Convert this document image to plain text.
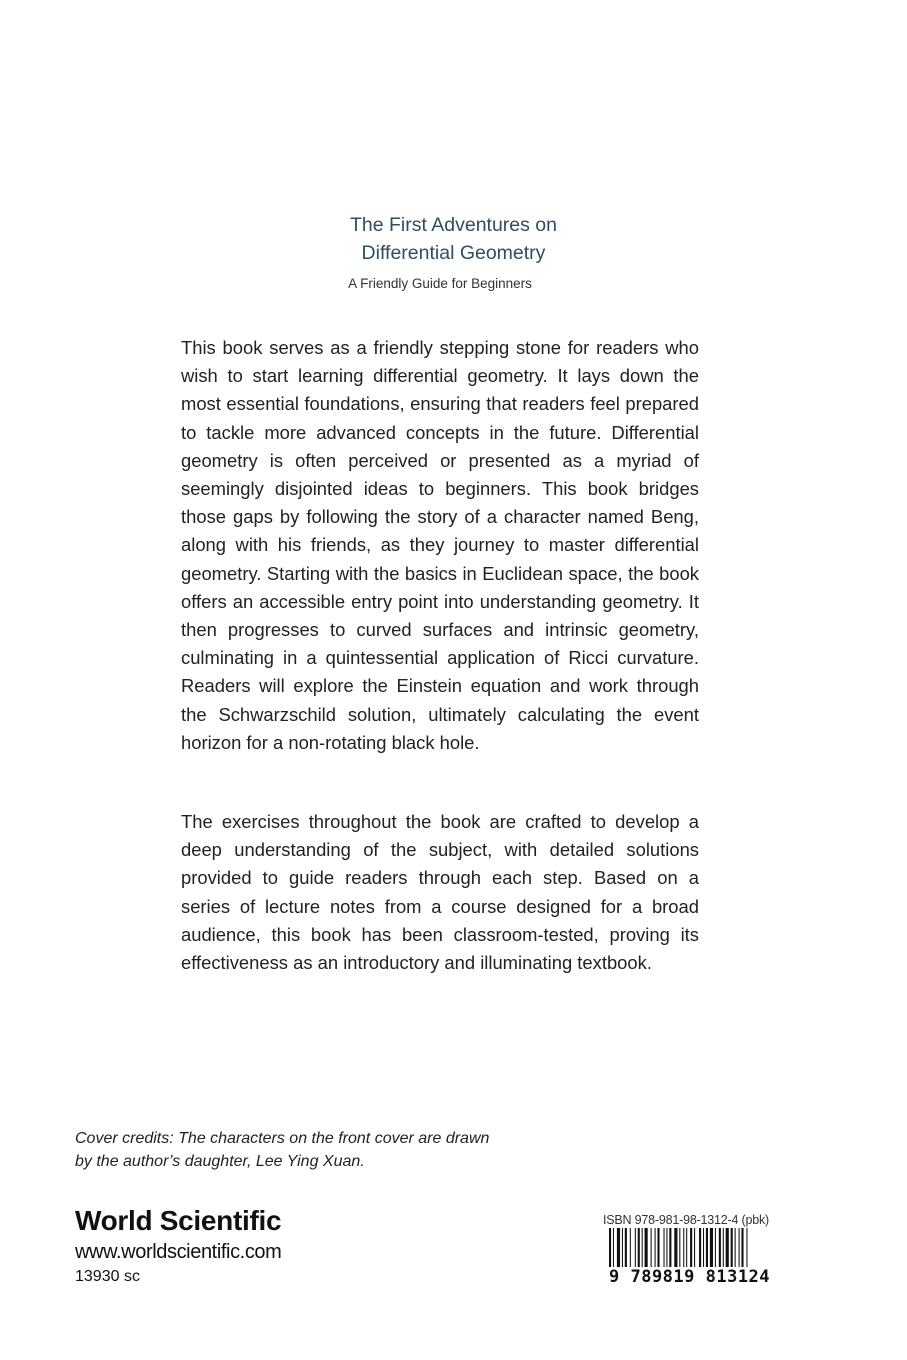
The First Adventures on
Differential Geometry
A Friendly Guide for Beginners

This book serves as a friendly stepping stone for readers who wish to start learning differential geometry. It lays down the most essential foundations, ensuring that readers feel prepared to tackle more advanced concepts in the future. Differential geometry is often perceived or presented as a myriad of seemingly disjointed ideas to beginners. This book bridges those gaps by following the story of a character named Beng, along with his friends, as they journey to master differential geometry. Starting with the basics in Euclidean space, the book offers an accessible entry point into understanding geometry. It then progresses to curved surfaces and intrinsic geometry, culminating in a quintessential application of Ricci curvature. Readers will explore the Einstein equation and work through the Schwarzschild solution, ultimately calculating the event horizon for a non-rotating black hole.

The exercises throughout the book are crafted to develop a deep understanding of the subject, with detailed solutions provided to guide readers through each step. Based on a series of lecture notes from a course designed for a broad audience, this book has been classroom-tested, proving its effectiveness as an introductory and illuminating textbook.

Cover credits: The characters on the front cover are drawn
by the author’s daughter, Lee Ying Xuan.
World Scientific
www.worldscientific.com
13930 sc
ISBN 978-981-98-1312-4 (pbk)
9 789819 813124
